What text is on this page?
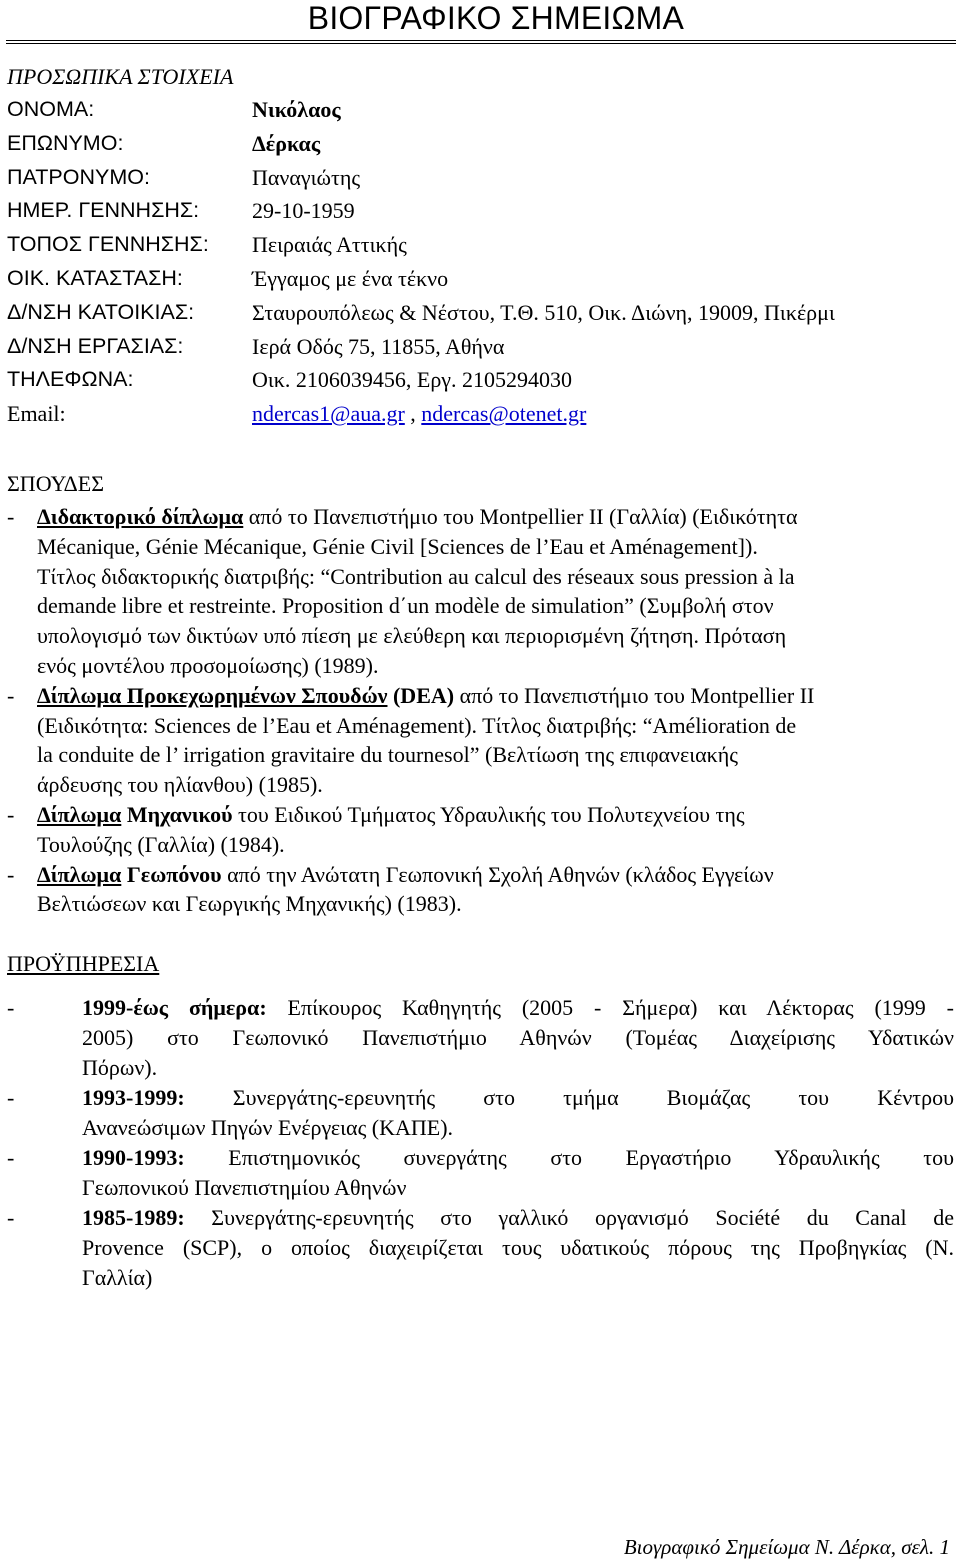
ΒΙΟΓΡΑΦΙΚΟ ΣΗΜΕΙΩΜΑ
ΠΡΟΣΩΠΙΚΑ ΣΤΟΙΧΕΙΑ
ΟΝΟΜΑ:	Νικόλαος
ΕΠΩΝΥΜΟ:	Δέρκας
ΠΑΤΡΟΝΥΜΟ:	Παναγιώτης
ΗΜΕΡ. ΓΕΝΝΗΣΗΣ:	29-10-1959
ΤΟΠΟΣ ΓΕΝΝΗΣΗΣ:	Πειραιάς Αττικής
ΟΙΚ. ΚΑΤΑΣΤΑΣΗ:	Έγγαμος με ένα τέκνο
Δ/ΝΣΗ ΚΑΤΟΙΚΙΑΣ:	Σταυρουπόλεως & Νέστου, Τ.Θ. 510, Οικ. Διώνη, 19009, Πικέρμι
Δ/ΝΣΗ ΕΡΓΑΣΙΑΣ:	Ιερά Οδός 75, 11855, Αθήνα
ΤΗΛΕΦΩΝΑ:	Οικ. 2106039456, Εργ. 2105294030
Email:	ndercas1@aua.gr , ndercas@otenet.gr
ΣΠΟΥΔΕΣ
- Διδακτορικό δίπλωμα από το Πανεπιστήμιο του Montpellier II (Γαλλία) (Ειδικότητα
Mécanique, Génie Mécanique, Génie Civil [Sciences de l’Eau et Aménagement]).
Τίτλος διδακτορικής διατριβής: “Contribution au calcul des réseaux sous pression à la
demande libre et restreinte. Proposition d΄un modèle de simulation” (Συμβολή στον
υπολογισμό των δικτύων υπό πίεση με ελεύθερη και περιορισμένη ζήτηση. Πρόταση
ενός μοντέλου προσομοίωσης) (1989).
- Δίπλωμα Προκεχωρημένων Σπουδών (DEA) από το Πανεπιστήμιο του Montpellier II
(Ειδικότητα: Sciences de l’Eau et Aménagement). Τίτλος διατριβής: “Amélioration de
la conduite de l’ irrigation gravitaire du tournesol” (Βελτίωση της επιφανειακής
άρδευσης του ηλίανθου) (1985).
- Δίπλωμα Μηχανικού του Ειδικού Τμήματος Υδραυλικής του Πολυτεχνείου της
Τουλούζης (Γαλλία) (1984).
- Δίπλωμα Γεωπόνου από την Ανώτατη Γεωπονική Σχολή Αθηνών (κλάδος Εγγείων
Βελτιώσεων και Γεωργικής Μηχανικής) (1983).
ΠΡΟΫΠΗΡΕΣΙΑ
-	1999-έως σήμερα: Επίκουρος Καθηγητής (2005 - Σήμερα) και Λέκτορας (1999 -
2005) στο Γεωπονικό Πανεπιστήμιο Αθηνών (Τομέας Διαχείρισης Υδατικών
Πόρων).
-	1993-1999: Συνεργάτης-ερευνητής στο τμήμα Βιομάζας του Κέντρου
Ανανεώσιμων Πηγών Ενέργειας (ΚΑΠΕ).
-	1990-1993: Επιστημονικός συνεργάτης στο Εργαστήριο Υδραυλικής του
Γεωπονικού Πανεπιστημίου Αθηνών
-	1985-1989: Συνεργάτης-ερευνητής στο γαλλικό οργανισμό Société du Canal de
Provence (SCP), ο οποίος διαχειρίζεται τους υδατικούς πόρους της Προβηγκίας (Ν.
Γαλλία)
Βιογραφικό Σημείωμα Ν. Δέρκα, σελ. 1
